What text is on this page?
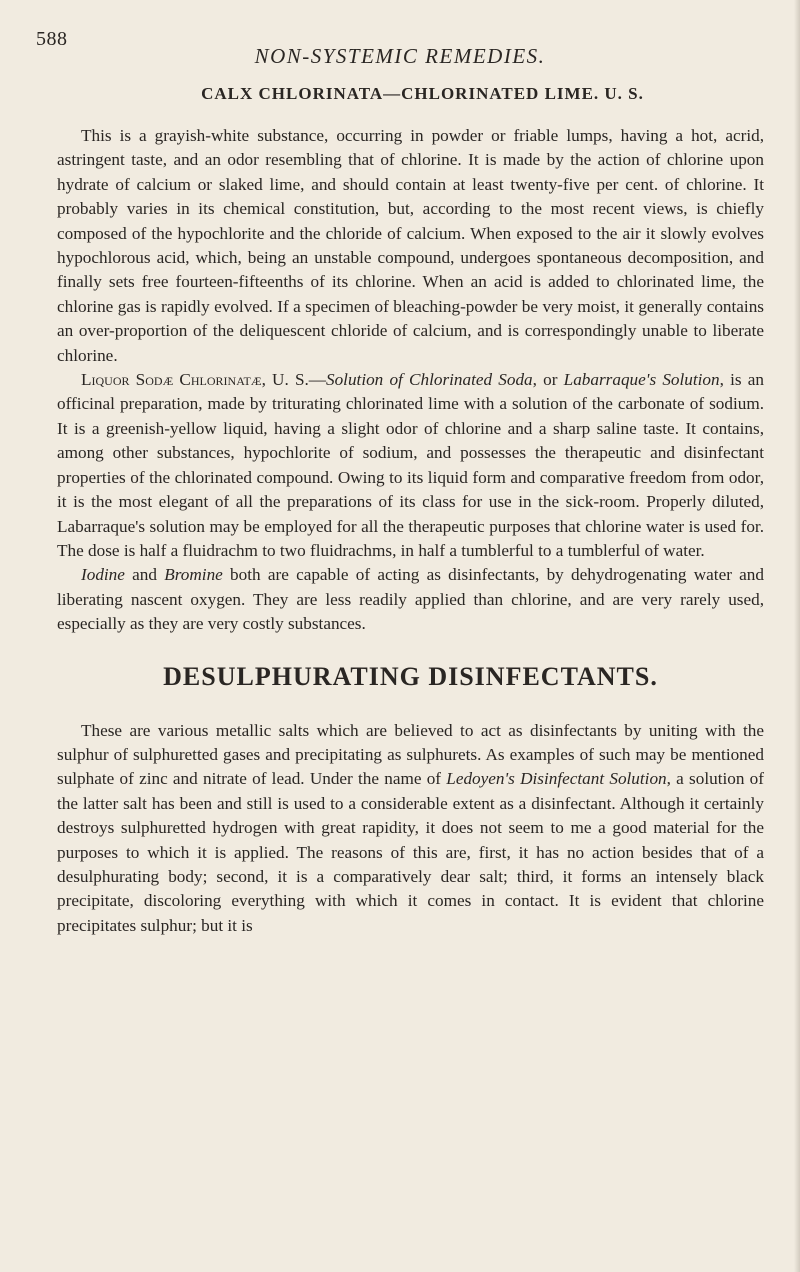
588
NON-SYSTEMIC REMEDIES.
CALX CHLORINATA—CHLORINATED LIME. U. S.

This is a grayish-white substance, occurring in powder or friable lumps, having a hot, acrid, astringent taste, and an odor resembling that of chlorine. It is made by the action of chlorine upon hydrate of calcium or slaked lime, and should contain at least twenty-five per cent. of chlorine. It probably varies in its chemical constitution, but, according to the most recent views, is chiefly composed of the hypochlorite and the chloride of calcium. When exposed to the air it slowly evolves hypochlorous acid, which, being an unstable compound, undergoes spontaneous decomposition, and finally sets free fourteen-fifteenths of its chlorine. When an acid is added to chlorinated lime, the chlorine gas is rapidly evolved. If a specimen of bleaching-powder be very moist, it generally contains an over-proportion of the deliquescent chloride of calcium, and is correspondingly unable to liberate chlorine.

Liquor Sodæ Chlorinatæ, U. S.—Solution of Chlorinated Soda, or Labarraque's Solution, is an officinal preparation, made by triturating chlorinated lime with a solution of the carbonate of sodium. It is a greenish-yellow liquid, having a slight odor of chlorine and a sharp saline taste. It contains, among other substances, hypochlorite of sodium, and possesses the therapeutic and disinfectant properties of the chlorinated compound. Owing to its liquid form and comparative freedom from odor, it is the most elegant of all the preparations of its class for use in the sick-room. Properly diluted, Labarraque's solution may be employed for all the therapeutic purposes that chlorine water is used for. The dose is half a fluidrachm to two fluidrachms, in half a tumblerful to a tumblerful of water.

Iodine and Bromine both are capable of acting as disinfectants, by dehydrogenating water and liberating nascent oxygen. They are less readily applied than chlorine, and are very rarely used, especially as they are very costly substances.

DESULPHURATING DISINFECTANTS.

These are various metallic salts which are believed to act as disinfectants by uniting with the sulphur of sulphuretted gases and precipitating as sulphurets. As examples of such may be mentioned sulphate of zinc and nitrate of lead. Under the name of Ledoyen's Disinfectant Solution, a solution of the latter salt has been and still is used to a considerable extent as a disinfectant. Although it certainly destroys sulphuretted hydrogen with great rapidity, it does not seem to me a good material for the purposes to which it is applied. The reasons of this are, first, it has no action besides that of a desulphurating body; second, it is a comparatively dear salt; third, it forms an intensely black precipitate, discoloring everything with which it comes in contact. It is evident that chlorine precipitates sulphur; but it is
